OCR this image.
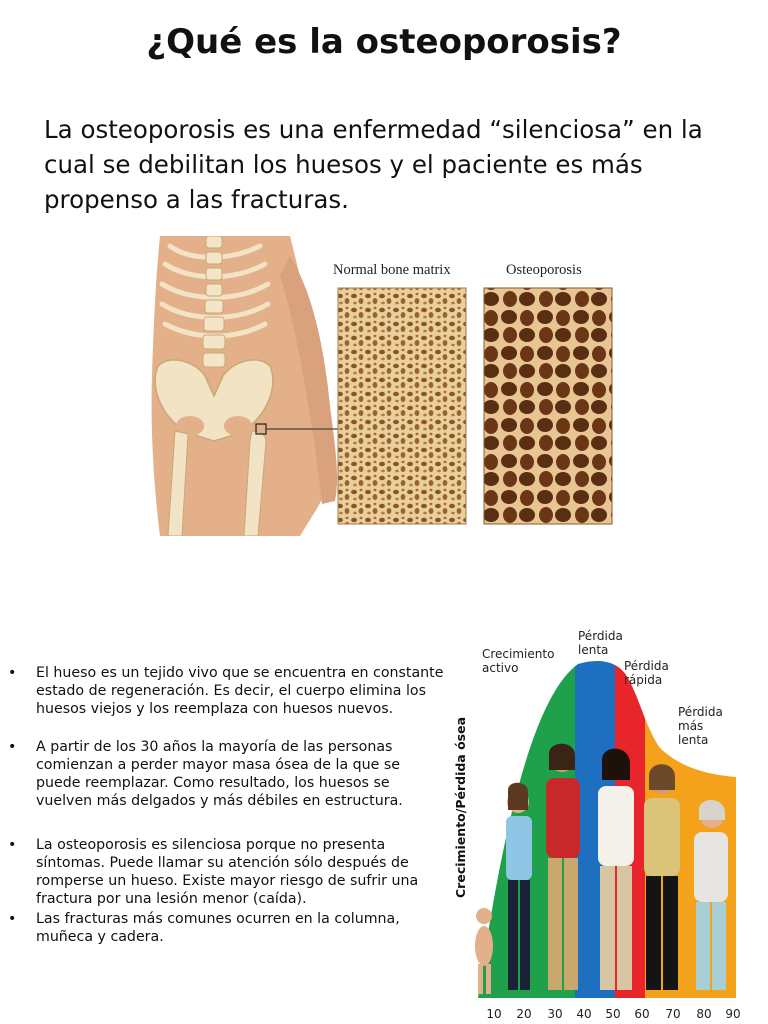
¿Qué es la osteoporosis?
La osteoporosis es una enfermedad “silenciosa” en la cual se debilitan los huesos y el paciente es más propenso a las fracturas.
Normal bone matrix	Osteoporosis
• El hueso es un tejido vivo que se encuentra en constante estado de regeneración. Es decir, el cuerpo elimina los huesos viejos y los reemplaza con huesos nuevos.
• A partir de los 30 años la mayoría de las personas comienzan a perder mayor masa ósea de la que se puede reemplazar. Como resultado, los huesos se vuelven más delgados y más débiles en estructura.
• La osteoporosis es silenciosa porque no presenta síntomas. Puede llamar su atención sólo después de romperse un hueso. Existe mayor riesgo de sufrir una fractura por una lesión menor (caída).
• Las fracturas más comunes ocurren en la columna, muñeca y cadera.
Crecimiento/Pérdida ósea
Crecimiento activo
Pérdida lenta
Pérdida rápida
Pérdida más lenta
10 20 30 40 50 60 70 80 90
